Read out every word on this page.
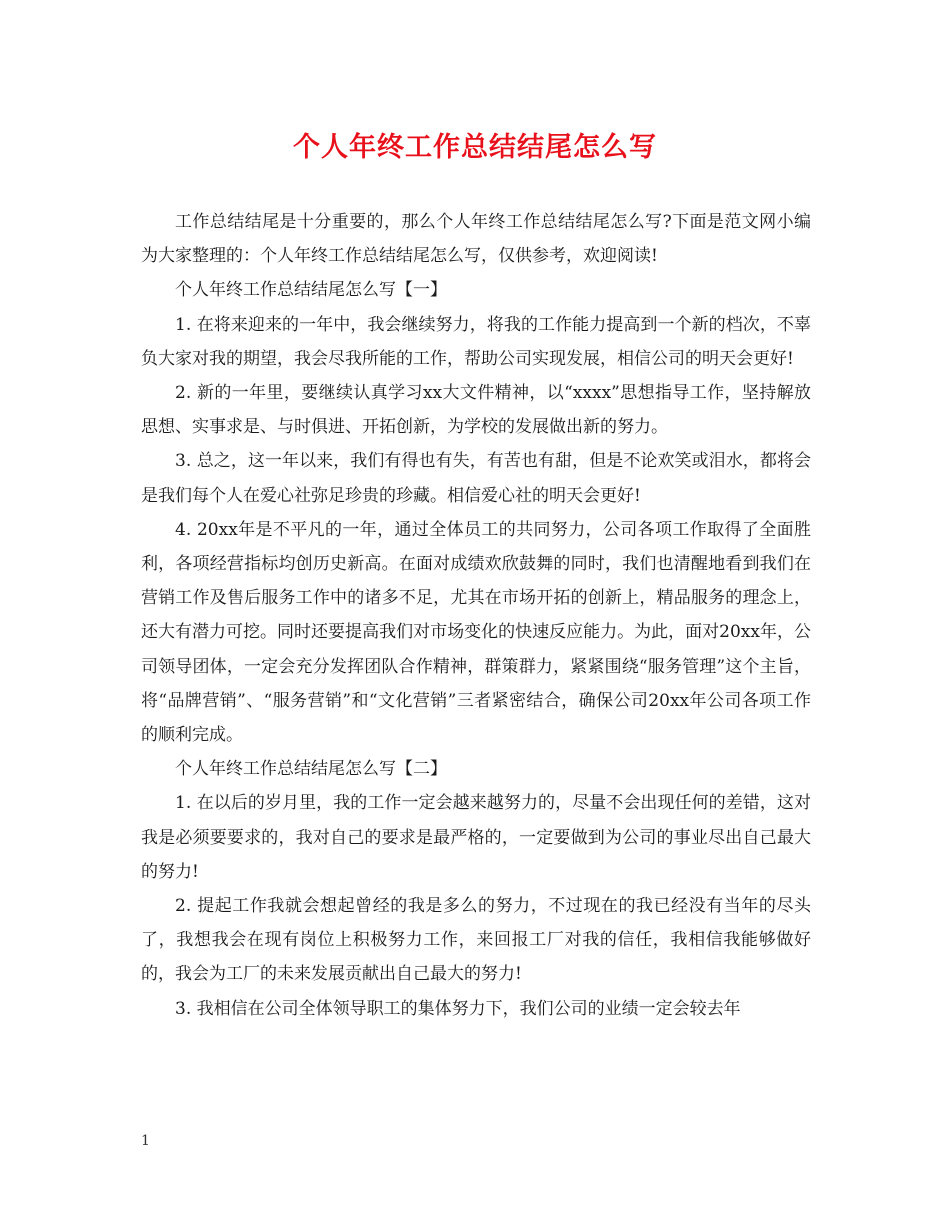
个人年终工作总结结尾怎么写

工作总结结尾是十分重要的，那么个人年终工作总结结尾怎么写?下面是范文网小编为大家整理的：个人年终工作总结结尾怎么写，仅供参考，欢迎阅读!

个人年终工作总结结尾怎么写【一】

1. 在将来迎来的一年中，我会继续努力，将我的工作能力提高到一个新的档次，不辜负大家对我的期望，我会尽我所能的工作，帮助公司实现发展，相信公司的明天会更好!

2. 新的一年里，要继续认真学习xx大文件精神，以“xxxx”思想指导工作，坚持解放思想、实事求是、与时俱进、开拓创新，为学校的发展做出新的努力。

3. 总之，这一年以来，我们有得也有失，有苦也有甜，但是不论欢笑或泪水，都将会是我们每个人在爱心社弥足珍贵的珍藏。相信爱心社的明天会更好!

4. 20xx年是不平凡的一年，通过全体员工的共同努力，公司各项工作取得了全面胜利，各项经营指标均创历史新高。在面对成绩欢欣鼓舞的同时，我们也清醒地看到我们在营销工作及售后服务工作中的诸多不足，尤其在市场开拓的创新上，精品服务的理念上，还大有潜力可挖。同时还要提高我们对市场变化的快速反应能力。为此，面对20xx年，公司领导团体，一定会充分发挥团队合作精神，群策群力，紧紧围绕“服务管理”这个主旨，将“品牌营销”、“服务营销”和“文化营销”三者紧密结合，确保公司20xx年公司各项工作的顺利完成。

个人年终工作总结结尾怎么写【二】

1. 在以后的岁月里，我的工作一定会越来越努力的，尽量不会出现任何的差错，这对我是必须要要求的，我对自己的要求是最严格的，一定要做到为公司的事业尽出自己最大的努力!

2. 提起工作我就会想起曾经的我是多么的努力，不过现在的我已经没有当年的尽头了，我想我会在现有岗位上积极努力工作，来回报工厂对我的信任，我相信我能够做好的，我会为工厂的未来发展贡献出自己最大的努力!

3. 我相信在公司全体领导职工的集体努力下，我们公司的业绩一定会较去年

1
